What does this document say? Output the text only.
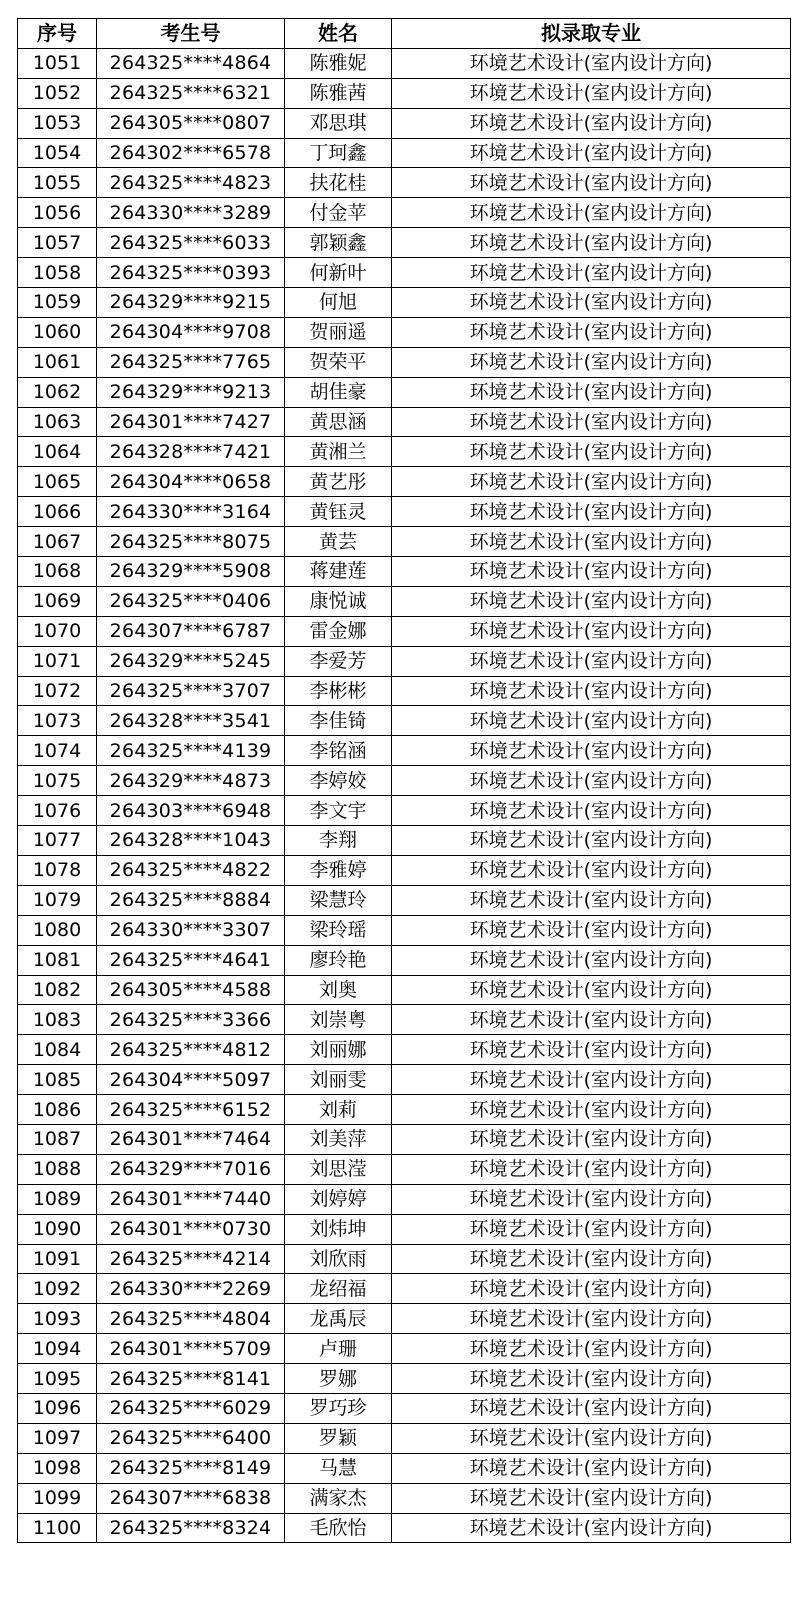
序号	考生号	姓名	拟录取专业
1051	264325****4864	陈雅妮	环境艺术设计(室内设计方向)
1052	264325****6321	陈雅茜	环境艺术设计(室内设计方向)
1053	264305****0807	邓思琪	环境艺术设计(室内设计方向)
1054	264302****6578	丁珂鑫	环境艺术设计(室内设计方向)
1055	264325****4823	扶花桂	环境艺术设计(室内设计方向)
1056	264330****3289	付金苹	环境艺术设计(室内设计方向)
1057	264325****6033	郭颖鑫	环境艺术设计(室内设计方向)
1058	264325****0393	何新叶	环境艺术设计(室内设计方向)
1059	264329****9215	何旭	环境艺术设计(室内设计方向)
1060	264304****9708	贺丽遥	环境艺术设计(室内设计方向)
1061	264325****7765	贺荣平	环境艺术设计(室内设计方向)
1062	264329****9213	胡佳豪	环境艺术设计(室内设计方向)
1063	264301****7427	黄思涵	环境艺术设计(室内设计方向)
1064	264328****7421	黄湘兰	环境艺术设计(室内设计方向)
1065	264304****0658	黄艺彤	环境艺术设计(室内设计方向)
1066	264330****3164	黄钰灵	环境艺术设计(室内设计方向)
1067	264325****8075	黄芸	环境艺术设计(室内设计方向)
1068	264329****5908	蒋建莲	环境艺术设计(室内设计方向)
1069	264325****0406	康悦诚	环境艺术设计(室内设计方向)
1070	264307****6787	雷金娜	环境艺术设计(室内设计方向)
1071	264329****5245	李爱芳	环境艺术设计(室内设计方向)
1072	264325****3707	李彬彬	环境艺术设计(室内设计方向)
1073	264328****3541	李佳锜	环境艺术设计(室内设计方向)
1074	264325****4139	李铭涵	环境艺术设计(室内设计方向)
1075	264329****4873	李婷姣	环境艺术设计(室内设计方向)
1076	264303****6948	李文宇	环境艺术设计(室内设计方向)
1077	264328****1043	李翔	环境艺术设计(室内设计方向)
1078	264325****4822	李雅婷	环境艺术设计(室内设计方向)
1079	264325****8884	梁慧玲	环境艺术设计(室内设计方向)
1080	264330****3307	梁玲瑶	环境艺术设计(室内设计方向)
1081	264325****4641	廖玲艳	环境艺术设计(室内设计方向)
1082	264305****4588	刘奥	环境艺术设计(室内设计方向)
1083	264325****3366	刘崇粤	环境艺术设计(室内设计方向)
1084	264325****4812	刘丽娜	环境艺术设计(室内设计方向)
1085	264304****5097	刘丽雯	环境艺术设计(室内设计方向)
1086	264325****6152	刘莉	环境艺术设计(室内设计方向)
1087	264301****7464	刘美萍	环境艺术设计(室内设计方向)
1088	264329****7016	刘思滢	环境艺术设计(室内设计方向)
1089	264301****7440	刘婷婷	环境艺术设计(室内设计方向)
1090	264301****0730	刘炜坤	环境艺术设计(室内设计方向)
1091	264325****4214	刘欣雨	环境艺术设计(室内设计方向)
1092	264330****2269	龙绍福	环境艺术设计(室内设计方向)
1093	264325****4804	龙禹辰	环境艺术设计(室内设计方向)
1094	264301****5709	卢珊	环境艺术设计(室内设计方向)
1095	264325****8141	罗娜	环境艺术设计(室内设计方向)
1096	264325****6029	罗巧珍	环境艺术设计(室内设计方向)
1097	264325****6400	罗颖	环境艺术设计(室内设计方向)
1098	264325****8149	马慧	环境艺术设计(室内设计方向)
1099	264307****6838	满家杰	环境艺术设计(室内设计方向)
1100	264325****8324	毛欣怡	环境艺术设计(室内设计方向)
